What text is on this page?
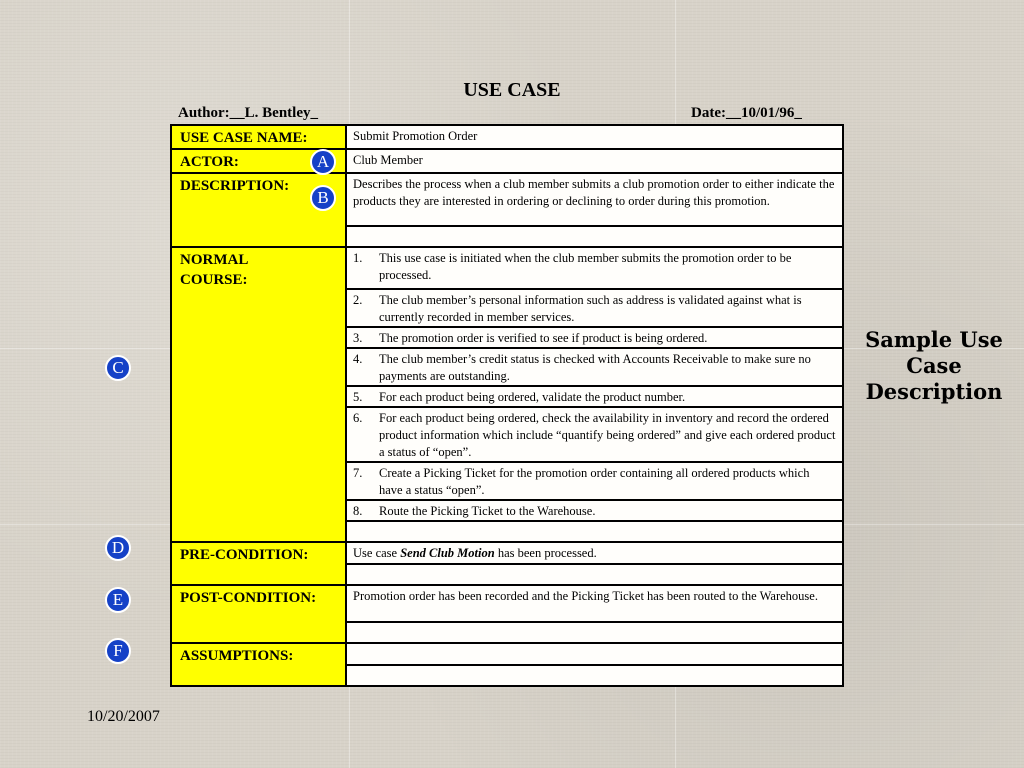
USE CASE
Author:__L. Bentley_	Date:__10/01/96_
USE CASE NAME:	Submit Promotion Order
ACTOR:	Club Member
DESCRIPTION:	Describes the process when a club member submits a club promotion order to either indicate the products they are interested in ordering or declining to order during this promotion.

NORMAL COURSE:	1. This use case is initiated when the club member submits the promotion order to be processed.

	2. The club member’s personal information such as address is validated against what is currently recorded in member services.

	3. The promotion order is verified to see if product is being ordered.

	4. The club member’s credit status is checked with Accounts Receivable to make sure no payments are outstanding.

	5. For each product being ordered, validate the product number.

	6. For each product being ordered, check the availability in inventory and record the ordered product information which include “quantify being ordered” and give each ordered product a status of “open”.

	7. Create a Picking Ticket for the promotion order containing all ordered products which have a status “open”.

	8. Route the Picking Ticket to the Warehouse.

PRE-CONDITION:	Use case Send Club Motion has been processed.

POST-CONDITION:	Promotion order has been recorded and the Picking Ticket has been routed to the Warehouse.

ASSUMPTIONS:	

A
B
C
D
E
F
Sample Use Case Description
10/20/2007
